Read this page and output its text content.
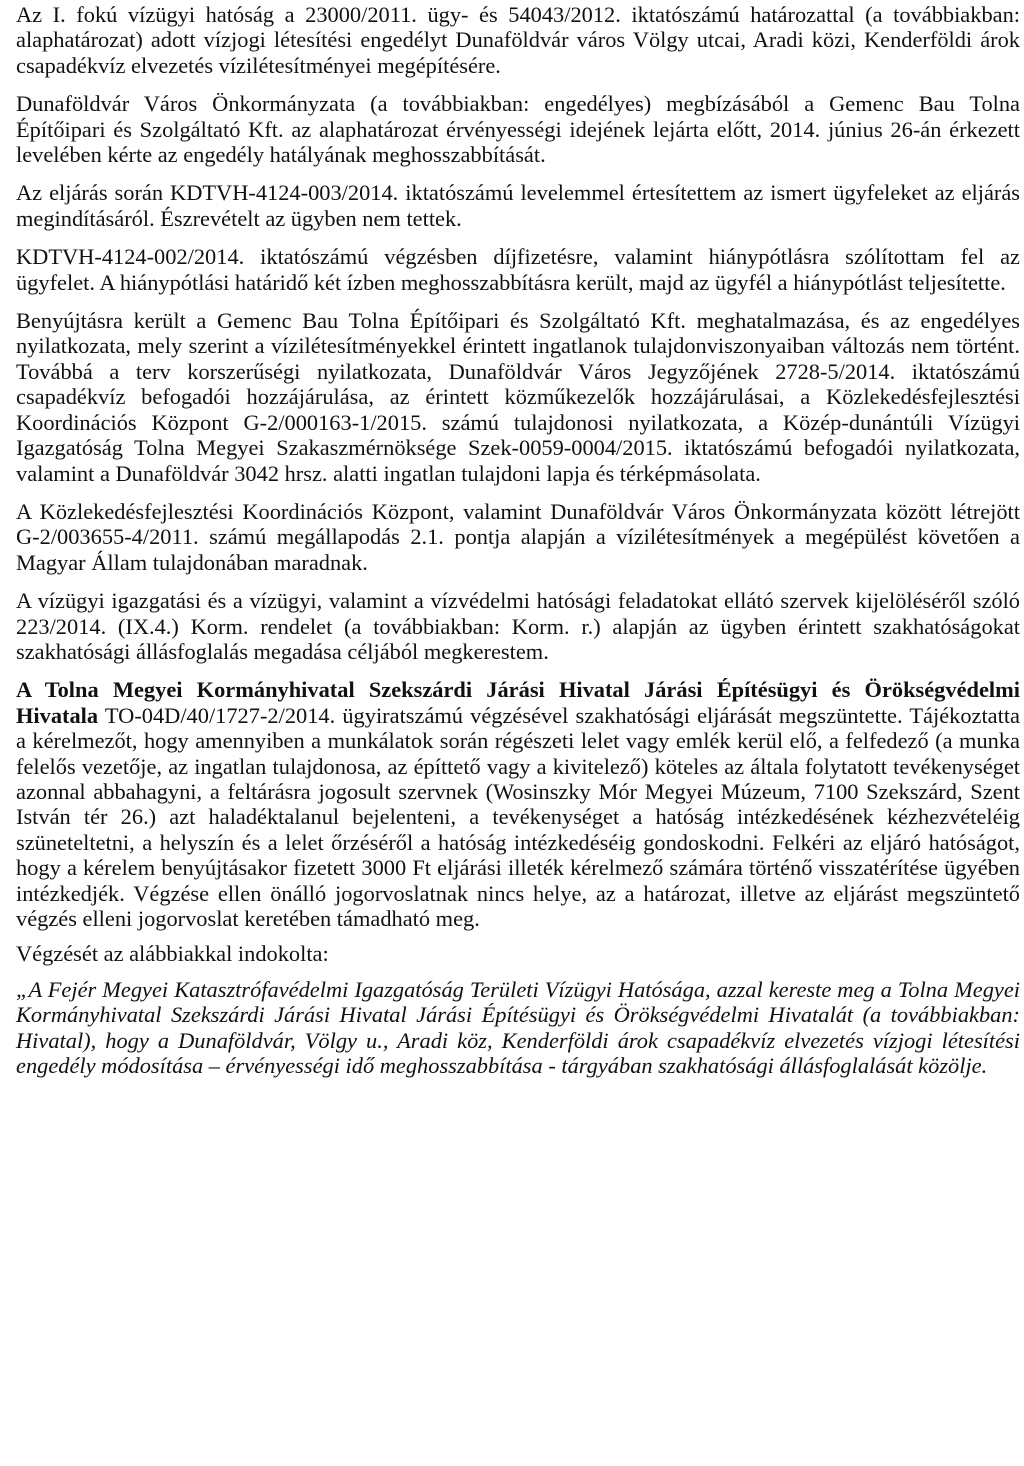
Az I. fokú vízügyi hatóság a 23000/2011. ügy- és 54043/2012. iktatószámú határozattal (a továbbiakban: alaphatározat) adott vízjogi létesítési engedélyt Dunaföldvár város Völgy utcai, Aradi közi, Kenderföldi árok csapadékvíz elvezetés vízilétesítményei megépítésére.

Dunaföldvár Város Önkormányzata (a továbbiakban: engedélyes) megbízásából a Gemenc Bau Tolna Építőipari és Szolgáltató Kft. az alaphatározat érvényességi idejének lejárta előtt, 2014. június 26-án érkezett levelében kérte az engedély hatályának meghosszabbítását.

Az eljárás során KDTVH-4124-003/2014. iktatószámú levelemmel értesítettem az ismert ügyfeleket az eljárás megindításáról. Észrevételt az ügyben nem tettek.

KDTVH-4124-002/2014. iktatószámú végzésben díjfizetésre, valamint hiánypótlásra szólítottam fel az ügyfelet. A hiánypótlási határidő két ízben meghosszabbításra került, majd az ügyfél a hiánypótlást teljesítette.

Benyújtásra került a Gemenc Bau Tolna Építőipari és Szolgáltató Kft. meghatalmazása, és az engedélyes nyilatkozata, mely szerint a vízilétesítményekkel érintett ingatlanok tulajdonviszonyaiban változás nem történt. Továbbá a terv korszerűségi nyilatkozata, Dunaföldvár Város Jegyzőjének 2728-5/2014. iktatószámú csapadékvíz befogadói hozzájárulása, az érintett közműkezelők hozzájárulásai, a Közlekedésfejlesztési Koordinációs Központ G-2/000163-1/2015. számú tulajdonosi nyilatkozata, a Közép-dunántúli Vízügyi Igazgatóság Tolna Megyei Szakaszmérnöksége Szek-0059-0004/2015. iktatószámú befogadói nyilatkozata, valamint a Dunaföldvár 3042 hrsz. alatti ingatlan tulajdoni lapja és térképmásolata.

A Közlekedésfejlesztési Koordinációs Központ, valamint Dunaföldvár Város Önkormányzata között létrejött G-2/003655-4/2011. számú megállapodás 2.1. pontja alapján a vízilétesítmények a megépülést követően a Magyar Állam tulajdonában maradnak.

A vízügyi igazgatási és a vízügyi, valamint a vízvédelmi hatósági feladatokat ellátó szervek kijelöléséről szóló 223/2014. (IX.4.) Korm. rendelet (a továbbiakban: Korm. r.) alapján az ügyben érintett szakhatóságokat szakhatósági állásfoglalás megadása céljából megkerestem.

A Tolna Megyei Kormányhivatal Szekszárdi Járási Hivatal Járási Építésügyi és Örökségvédelmi Hivatala TO-04D/40/1727-2/2014. ügyiratszámú végzésével szakhatósági eljárását megszüntette. Tájékoztatta a kérelmezőt, hogy amennyiben a munkálatok során régészeti lelet vagy emlék kerül elő, a felfedező (a munka felelős vezetője, az ingatlan tulajdonosa, az építtető vagy a kivitelező) köteles az általa folytatott tevékenységet azonnal abbahagyni, a feltárásra jogosult szervnek (Wosinszky Mór Megyei Múzeum, 7100 Szekszárd, Szent István tér 26.) azt haladéktalanul bejelenteni, a tevékenységet a hatóság intézkedésének kézhezvételéig szüneteltetni, a helyszín és a lelet őrzéséről a hatóság intézkedéséig gondoskodni. Felkéri az eljáró hatóságot, hogy a kérelem benyújtásakor fizetett 3000 Ft eljárási illeték kérelmező számára történő visszatérítése ügyében intézkedjék. Végzése ellen önálló jogorvoslatnak nincs helye, az a határozat, illetve az eljárást megszüntető végzés elleni jogorvoslat keretében támadható meg.

Végzését az alábbiakkal indokolta:

„A Fejér Megyei Katasztrófavédelmi Igazgatóság Területi Vízügyi Hatósága, azzal kereste meg a Tolna Megyei Kormányhivatal Szekszárdi Járási Hivatal Járási Építésügyi és Örökségvédelmi Hivatalát (a továbbiakban: Hivatal), hogy a Dunaföldvár, Völgy u., Aradi köz, Kenderföldi árok csapadékvíz elvezetés vízjogi létesítési engedély módosítása – érvényességi idő meghosszabbítása - tárgyában szakhatósági állásfoglalását közölje.
